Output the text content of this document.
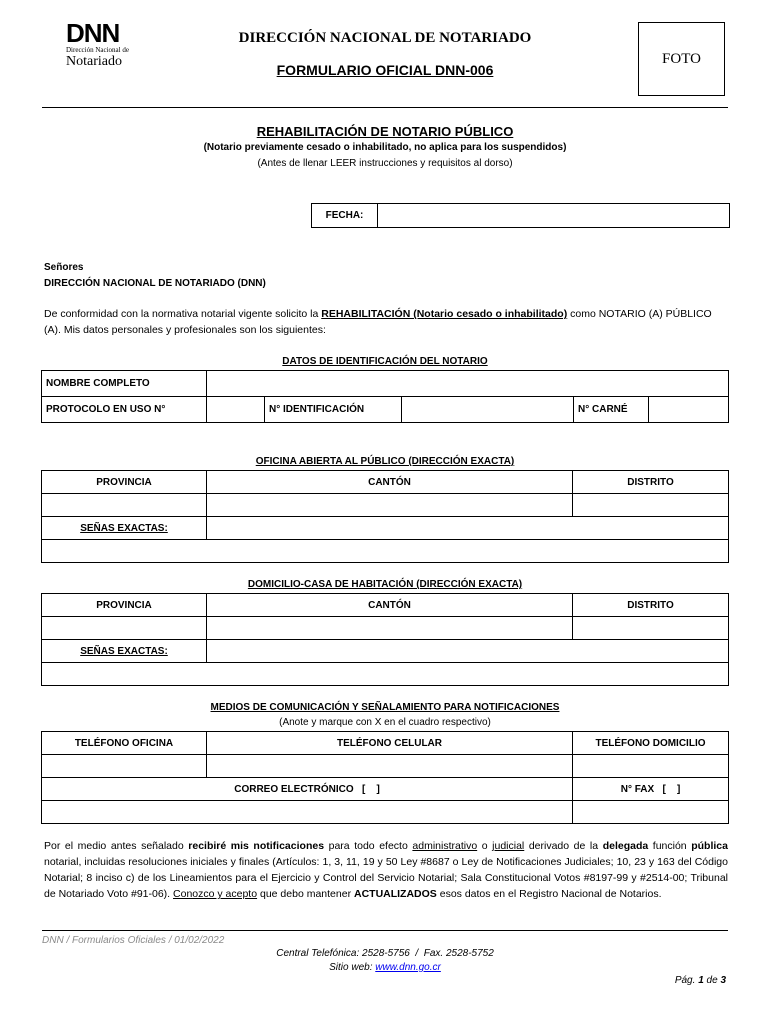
DNN
Dirección Nacional de
Notariado
DIRECCIÓN NACIONAL DE NOTARIADO
FORMULARIO OFICIAL DNN-006
FOTO
REHABILITACIÓN DE NOTARIO PÚBLICO
(Notario previamente cesado o inhabilitado, no aplica para los suspendidos)
(Antes de llenar LEER instrucciones y requisitos al dorso)
FECHA:	
Señores
DIRECCIÓN NACIONAL DE NOTARIADO (DNN)
De conformidad con la normativa notarial vigente solicito la REHABILITACIÓN (Notario cesado o inhabilitado) como NOTARIO (A) PÚBLICO (A). Mis datos personales y profesionales son los siguientes:
DATOS DE IDENTIFICACIÓN DEL NOTARIO
NOMBRE COMPLETO					
PROTOCOLO EN USO N°		N° IDENTIFICACIÓN		N° CARNÉ	
OFICINA ABIERTA AL PÚBLICO (DIRECCIÓN EXACTA)
PROVINCIA	CANTÓN	DISTRITO

SEÑAS EXACTAS:		

DOMICILIO-CASA DE HABITACIÓN (DIRECCIÓN EXACTA)
PROVINCIA	CANTÓN	DISTRITO

SEÑAS EXACTAS:		

MEDIOS DE COMUNICACIÓN Y SEÑALAMIENTO PARA NOTIFICACIONES
(Anote y marque con X en el cuadro respectivo)
TELÉFONO OFICINA	TELÉFONO CELULAR	TELÉFONO DOMICILIO

CORREO ELECTRÓNICO   [    ]		N° FAX   [    ]

Por el medio antes señalado recibiré mis notificaciones para todo efecto administrativo o judicial derivado de la delegada función pública notarial, incluidas resoluciones iniciales y finales (Artículos: 1, 3, 11, 19 y 50 Ley #8687 o Ley de Notificaciones Judiciales; 10, 23 y 163 del Código Notarial; 8 inciso c) de los Lineamientos para el Ejercicio y Control del Servicio Notarial; Sala Constitucional Votos #8197-99 y #2514-00; Tribunal de Notariado Voto #91-06). Conozco y acepto que debo mantener ACTUALIZADOS esos datos en el Registro Nacional de Notarios.
DNN / Formularios Oficiales / 01/02/2022
Central Telefónica: 2528-5756  /  Fax. 2528-5752
Sitio web: www.dnn.go.cr
Pág. 1 de 3
